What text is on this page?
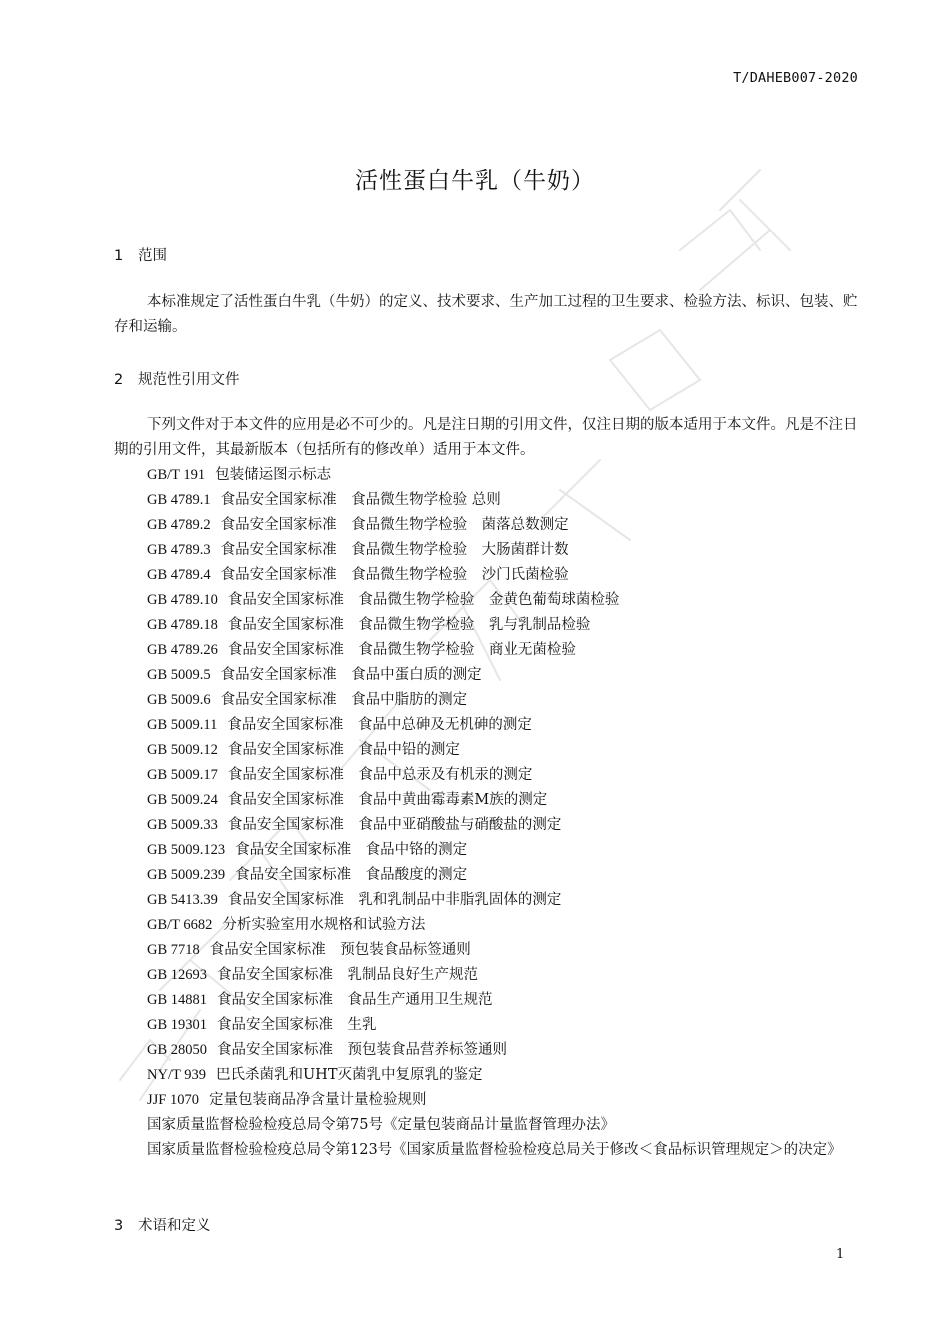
T/DAHEB007-2020
活性蛋白牛乳（牛奶）
1 范围
本标准规定了活性蛋白牛乳（牛奶）的定义、技术要求、生产加工过程的卫生要求、检验方法、标识、包装、贮存和运输。
2 规范性引用文件
下列文件对于本文件的应用是必不可少的。凡是注日期的引用文件，仅注日期的版本适用于本文件。凡是不注日期的引用文件，其最新版本（包括所有的修改单）适用于本文件。
GB/T 191 包装储运图示标志
GB 4789.1 食品安全国家标准　食品微生物学检验 总则
GB 4789.2 食品安全国家标准　食品微生物学检验　菌落总数测定
GB 4789.3 食品安全国家标准　食品微生物学检验　大肠菌群计数
GB 4789.4 食品安全国家标准　食品微生物学检验　沙门氏菌检验
GB 4789.10 食品安全国家标准　食品微生物学检验　金黄色葡萄球菌检验
GB 4789.18 食品安全国家标准　食品微生物学检验　乳与乳制品检验
GB 4789.26 食品安全国家标准　食品微生物学检验　商业无菌检验
GB 5009.5 食品安全国家标准　食品中蛋白质的测定
GB 5009.6 食品安全国家标准　食品中脂肪的测定
GB 5009.11 食品安全国家标准　食品中总砷及无机砷的测定
GB 5009.12 食品安全国家标准　食品中铅的测定
GB 5009.17 食品安全国家标准　食品中总汞及有机汞的测定
GB 5009.24 食品安全国家标准　食品中黄曲霉毒素M族的测定
GB 5009.33 食品安全国家标准　食品中亚硝酸盐与硝酸盐的测定
GB 5009.123 食品安全国家标准　食品中铬的测定
GB 5009.239 食品安全国家标准　食品酸度的测定
GB 5413.39 食品安全国家标准　乳和乳制品中非脂乳固体的测定
GB/T 6682 分析实验室用水规格和试验方法
GB 7718 食品安全国家标准　预包装食品标签通则
GB 12693 食品安全国家标准　乳制品良好生产规范
GB 14881 食品安全国家标准　食品生产通用卫生规范
GB 19301 食品安全国家标准　生乳
GB 28050 食品安全国家标准　预包装食品营养标签通则
NY/T 939 巴氏杀菌乳和UHT灭菌乳中复原乳的鉴定
JJF 1070 定量包装商品净含量计量检验规则
国家质量监督检验检疫总局令第75号《定量包装商品计量监督管理办法》
国家质量监督检验检疫总局令第123号《国家质量监督检验检疫总局关于修改＜食品标识管理规定＞的决定》
3 术语和定义
1
